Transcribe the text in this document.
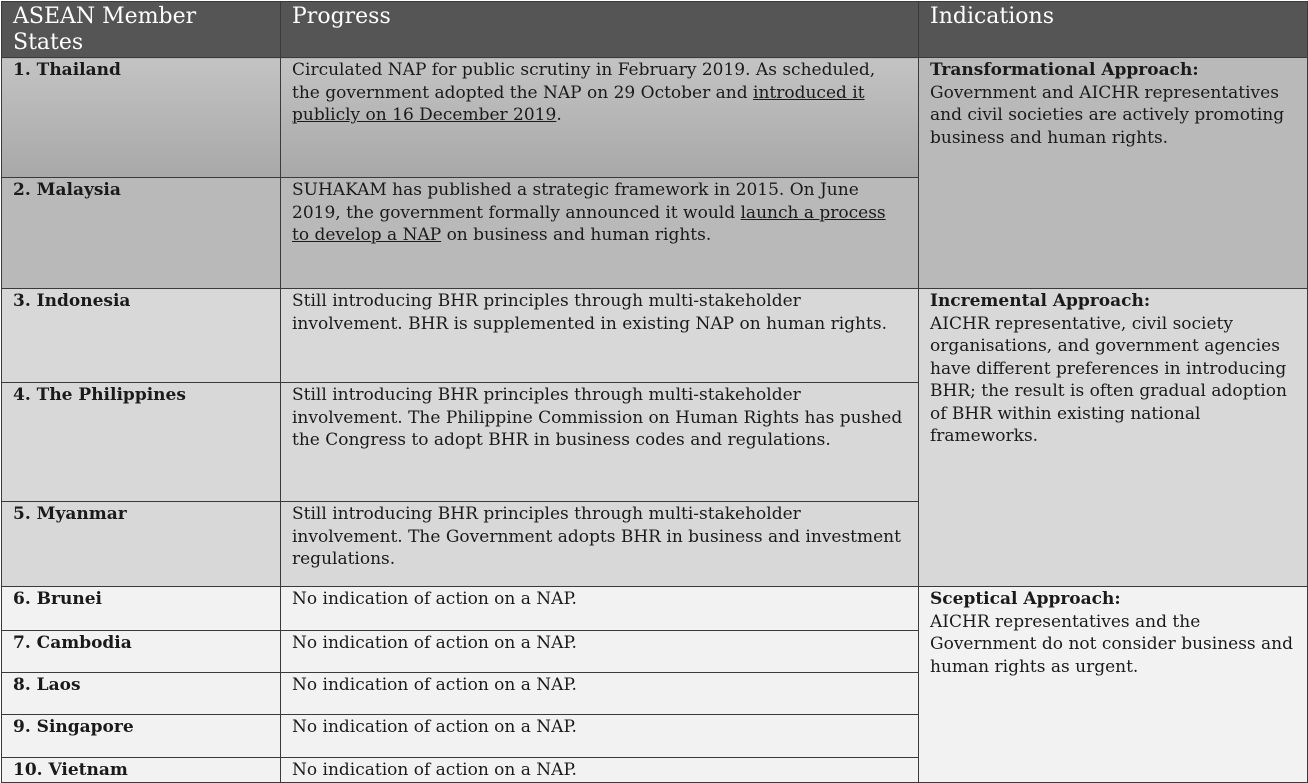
ASEAN Member States	Progress	Indications
1. Thailand	Circulated NAP for public scrutiny in February 2019. As scheduled, the government adopted the NAP on 29 October and introduced it publicly on 16 December 2019.	Transformational Approach:
Government and AICHR representatives and civil societies are actively promoting business and human rights.

2. Malaysia	SUHAKAM has published a strategic framework in 2015. On June 2019, the government formally announced it would launch a process to develop a NAP on business and human rights.	
3. Indonesia	Still introducing BHR principles through multi-stakeholder involvement. BHR is supplemented in existing NAP on human rights.	Incremental Approach:
AICHR representative, civil society organisations, and government agencies have different preferences in introducing BHR; the result is often gradual adoption of BHR within existing national frameworks.

4. The Philippines	Still introducing BHR principles through multi-stakeholder involvement. The Philippine Commission on Human Rights has pushed the Congress to adopt BHR in business codes and regulations.	
5. Myanmar	Still introducing BHR principles through multi-stakeholder involvement. The Government adopts BHR in business and investment regulations.	
6. Brunei	No indication of action on a NAP.	Sceptical Approach:
AICHR representatives and the Government do not consider business and human rights as urgent.

7. Cambodia	No indication of action on a NAP.	
8. Laos	No indication of action on a NAP.	
9. Singapore	No indication of action on a NAP.	
10. Vietnam	No indication of action on a NAP.	
